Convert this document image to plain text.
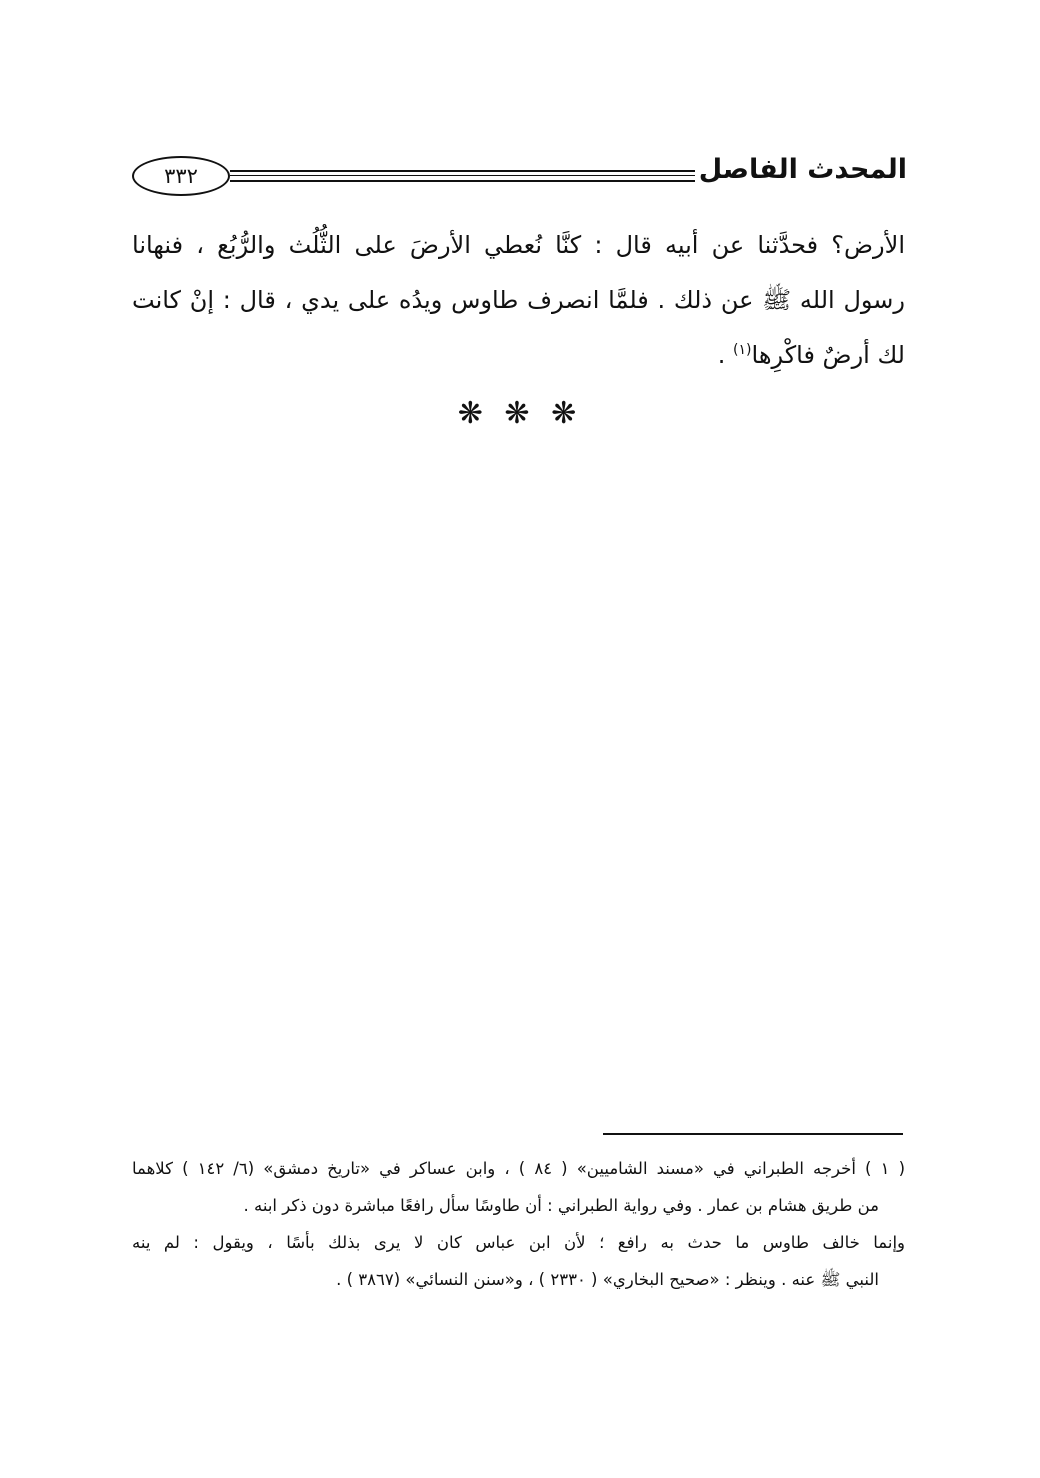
٣٣٢	المحدث الفاصل
الأرض؟ فحدَّثنا عن أبيه قال : كنَّا نُعطي الأرضَ على الثُّلُث والرُّبُع ، فنهانا
رسول الله ﷺ عن ذلك . فلمَّا انصرف طاوس ويدُه على يدي ، قال : إنْ كانت
لك أرضٌ فاكْرِها$^{(١)}$ .
❋ ❋ ❋
( ١ ) أخرجه الطبراني في «مسند الشاميين» ( ٨٤ ) ، وابن عساكر في «تاريخ دمشق» (٦/ ١٤٢ ) كلاهما
من طريق هشام بن عمار . وفي رواية الطبراني : أن طاوسًا سأل رافعًا مباشرة دون ذكر ابنه .
وإنما خالف طاوس ما حدث به رافع ؛ لأن ابن عباس كان لا يرى بذلك بأسًا ، ويقول : لم ينه
النبي ﷺ عنه . وينظر : «صحيح البخاري» ( ٢٣٣٠ ) ، و«سنن النسائي» (٣٨٦٧ ) .
